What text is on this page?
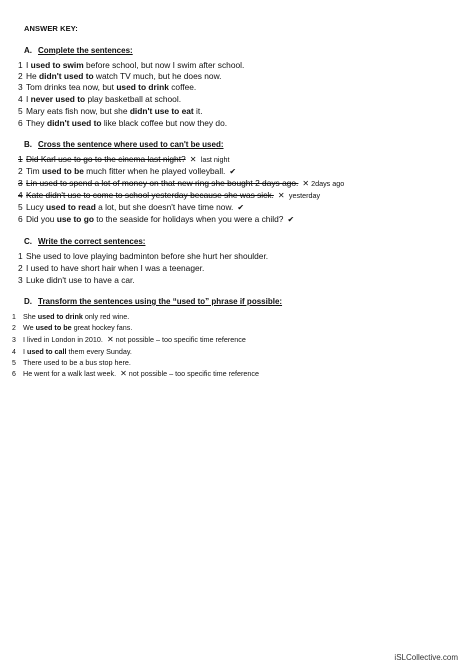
ANSWER KEY:
A. Complete the sentences:
1 I used to swim before school, but now I swim after school.
2 He didn't used to watch TV much, but he does now.
3 Tom drinks tea now, but used to drink coffee.
4 I never used to play basketball at school.
5 Mary eats fish now, but she didn't use to eat it.
6 They didn't used to like black coffee but now they do.
B. Cross the sentence where used to can't be used:
1 Did Karl use to go to the cinema last night? ✕ last night
2 Tim used to be much fitter when he played volleyball. ✔
3 Lin used to spend a lot of money on that new ring she bought 2 days ago. ✕ 2days ago
4 Kate didn't use to come to school yesterday because she was sick. ✕ yesterday
5 Lucy used to read a lot, but she doesn't have time now. ✔
6 Did you use to go to the seaside for holidays when you were a child? ✔
C. Write the correct sentences:
1 She used to love playing badminton before she hurt her shoulder.
2 I used to have short hair when I was a teenager.
3 Luke didn't use to have a car.
D. Transform the sentences using the “used to” phrase if possible:
1 She used to drink only red wine.
2 We used to be great hockey fans.
3 I lived in London in 2010. ✕ not possible – too specific time reference
4 I used to call them every Sunday.
5 There used to be a bus stop here.
6 He went for a walk last week. ✕ not possible – too specific time reference
iSLCollective.com
